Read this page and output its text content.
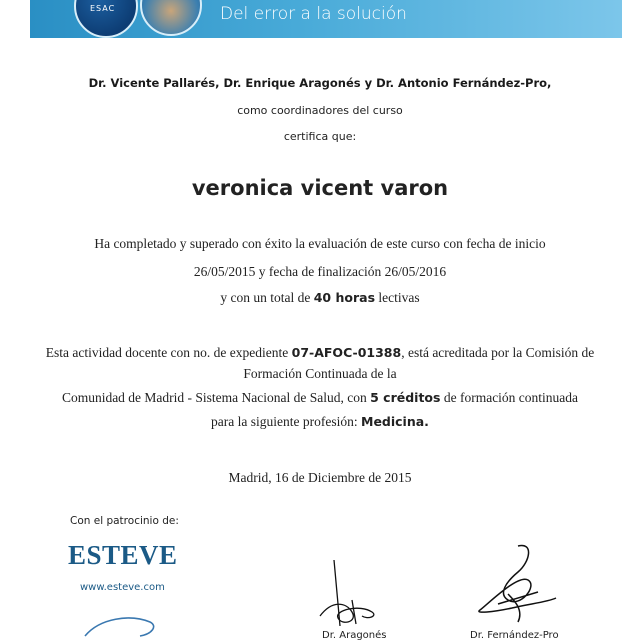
ESAC	Del error a la solución
Dr. Vicente Pallarés, Dr. Enrique Aragonés y Dr. Antonio Fernández-Pro,
como coordinadores del curso
certifica que:
veronica vicent varon
Ha completado y superado con éxito la evaluación de este curso con fecha de inicio
26/05/2015 y fecha de finalización 26/05/2016
y con un total de 40 horas lectivas
Esta actividad docente con no. de expediente 07-AFOC-01388, está acreditada por la Comisión de
Formación Continuada de la
Comunidad de Madrid - Sistema Nacional de Salud, con 5 créditos de formación continuada
para la siguiente profesión: Medicina.
Madrid, 16 de Diciembre de 2015
Con el patrocinio de:
ESTEVE
www.esteve.com
Dr. Aragonés	Dr. Fernández-Pro
